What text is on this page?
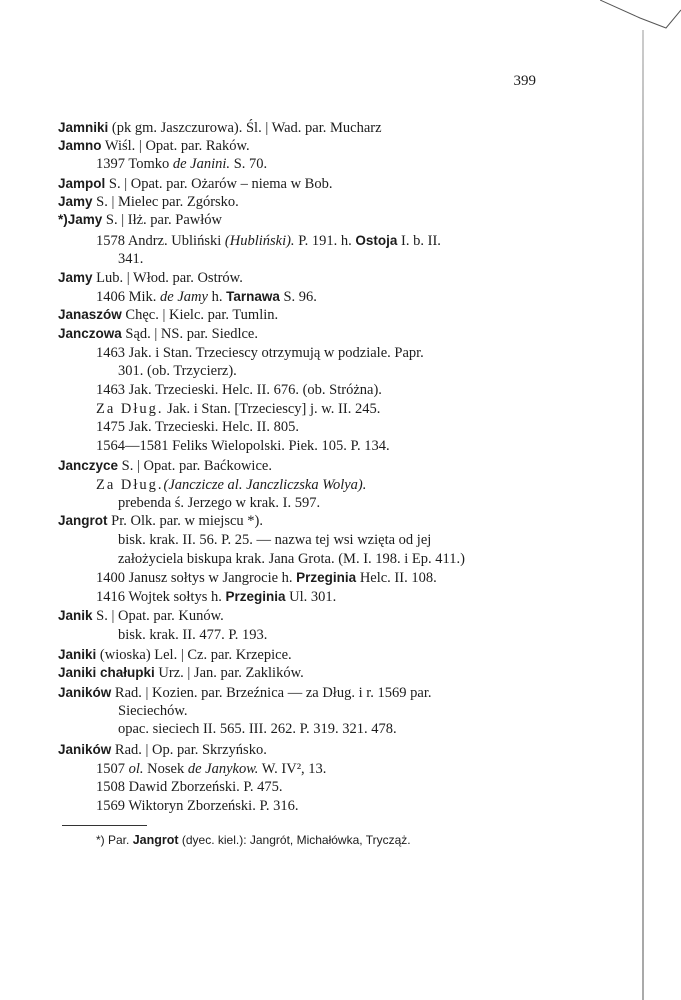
399
Jamniki (pk gm. Jaszczurowa). Śl. | Wad. par. Mucharz
Jamno Wiśl. | Opat. par. Raków.
1397 Tomko de Janini. S. 70.
Jampol S. | Opat. par. Ożarów – niema w Bob.
Jamy S. | Mielec par. Zgórsko.
*)Jamy S. | Iłż. par. Pawłów
1578 Andrz. Ubliński (Hubliński). P. 191. h. Ostoja I. b. II.
341.
Jamy Lub. | Włod. par. Ostrów.
1406 Mik. de Jamy h. Tarnawa S. 96.
Janaszów Chęc. | Kielc. par. Tumlin.
Janczowa Sąd. | NS. par. Siedlce.
1463 Jak. i Stan. Trzeciescy otrzymują w podziale. Papr.
301. (ob. Trzycierz).
1463 Jak. Trzecieski. Helc. II. 676. (ob. Stróżna).
Za Dług. Jak. i Stan. [Trzeciescy] j. w. II. 245.
1475 Jak. Trzecieski. Helc. II. 805.
1564—1581 Feliks Wielopolski. Piek. 105. P. 134.
Janczyce S. | Opat. par. Baćkowice.
Za Dług.(Janczicze al. Janczliczska Wolya).
prebenda ś. Jerzego w krak. I. 597.
Jangrot Pr. Olk. par. w miejscu *).
bisk. krak. II. 56. P. 25. — nazwa tej wsi wzięta od jej
założyciela biskupa krak. Jana Grota. (M. I. 198. i Ep. 411.)
1400 Janusz sołtys w Jangrocie h. Przeginia Helc. II. 108.
1416 Wojtek sołtys h. Przeginia Ul. 301.
Janik S. | Opat. par. Kunów.
bisk. krak. II. 477. P. 193.
Janiki (wioska) Lel. | Cz. par. Krzepice.
Janiki chałupki Urz. | Jan. par. Zaklików.
Janików Rad. | Kozien. par. Brzeźnica — za Dług. i r. 1569 par.
Sieciechów.
opac. sieciech II. 565. III. 262. P. 319. 321. 478.
Janików Rad. | Op. par. Skrzyńsko.
1507 ol. Nosek de Janykow. W. IV², 13.
1508 Dawid Zborzeński. P. 475.
1569 Wiktoryn Zborzeński. P. 316.
*) Par. Jangrot (dyec. kiel.): Jangrót, Michałówka, Trycząż.
